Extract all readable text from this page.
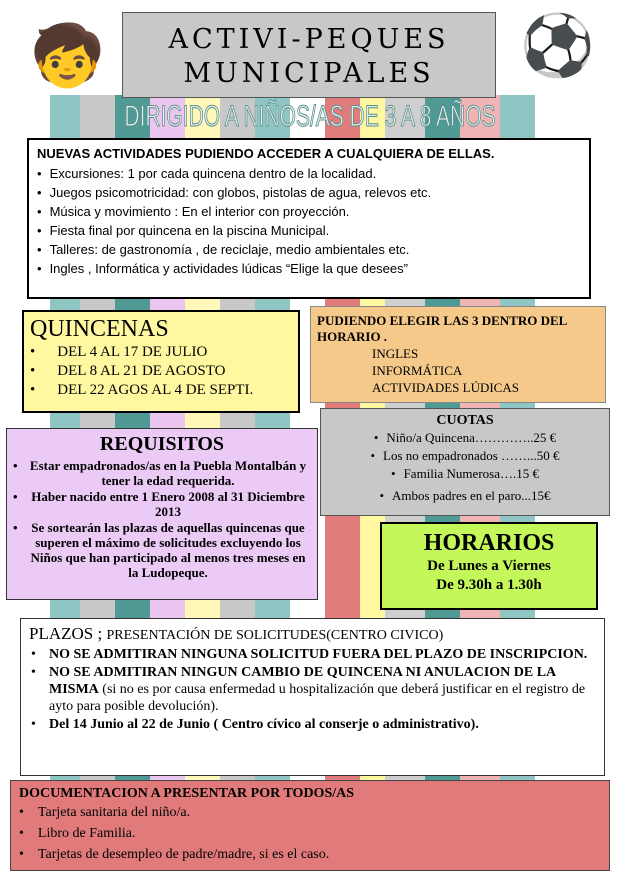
🧒	⚽
ACTIVI-PEQUES
MUNICIPALES
DIRIGIDO A NIÑOS/AS DE 3 A 8 AÑOS
NUEVAS ACTIVIDADES PUDIENDO ACCEDER A CUALQUIERA DE ELLAS.
• Excursiones: 1 por cada quincena dentro de la localidad.
• Juegos psicomotricidad: con globos, pistolas de agua, relevos etc.
• Música y movimiento : En el interior con proyección.
• Fiesta final por quincena en la piscina Municipal.
• Talleres: de gastronomía , de reciclaje, medio ambientales etc.
• Ingles , Informática y actividades lúdicas “Elige la que desees”
QUINCENAS
• DEL 4 AL 17 DE JULIO
• DEL 8 AL 21 DE AGOSTO
• DEL 22 AGOS AL 4 DE SEPTI.
PUDIENDO ELEGIR LAS 3 DENTRO DEL HORARIO .
INGLES
INFORMÁTICA
ACTIVIDADES LÚDICAS
REQUISITOS
• Estar empadronados/as en la Puebla Montalbán y tener la edad requerida.
• Haber nacido entre 1 Enero 2008 al 31 Diciembre 2013
• Se sortearán las plazas de aquellas quincenas que superen el máximo de solicitudes excluyendo los Niños que han participado al menos tres meses en la Ludopeque.
CUOTAS
• Niño/a Quincena…………..25 €
• Los no empadronados ……...50 €
• Familia Numerosa….15 €
• Ambos padres en el paro...15€
HORARIOS
De Lunes a Viernes
De 9.30h a 1.30h
PLAZOS ; PRESENTACIÓN DE SOLICITUDES(CENTRO CIVICO)
• NO SE ADMITIRAN NINGUNA SOLICITUD FUERA DEL PLAZO DE INSCRIPCION.
• NO SE ADMITIRAN NINGUN CAMBIO DE QUINCENA NI ANULACION DE LA MISMA (si no es por causa enfermedad u hospitalización que deberá justificar en el registro de ayto para posible devolución).
• Del 14 Junio al 22 de Junio ( Centro cívico al conserje o administrativo).
DOCUMENTACION A PRESENTAR POR TODOS/AS
• Tarjeta sanitaria del niño/a.
• Libro de Familia.
• Tarjetas de desempleo de padre/madre, si es el caso.
